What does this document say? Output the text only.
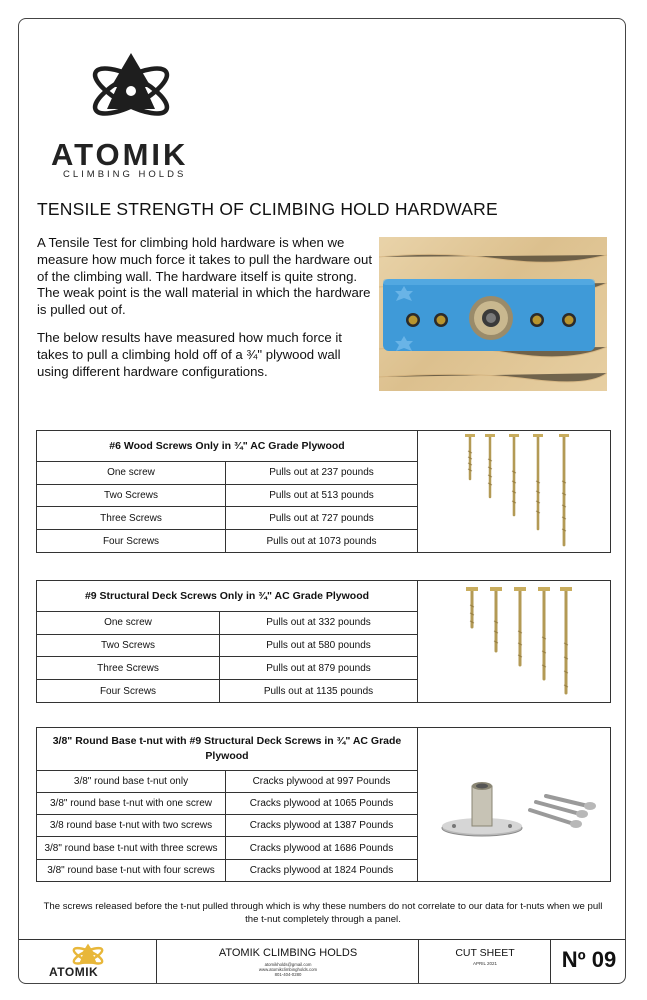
ATOMIK
CLIMBING HOLDS
TENSILE STRENGTH OF CLIMBING HOLD HARDWARE

A Tensile Test for climbing hold hardware is when we measure how much force it takes to pull the hardware out of the climbing wall. The hardware itself is quite strong. The weak point is the wall material in which the hardware is pulled out of.

The below results have measured how much force it takes to pull a climbing hold off of a ¾" plywood wall using different hardware configurations.

#6 Wood Screws Only in ¾" AC Grade Plywood	
One screw	Pulls out at 237 pounds	
Two Screws	Pulls out at 513 pounds	
Three Screws	Pulls out at 727 pounds	
Four Screws	Pulls out at 1073 pounds	
#9 Structural Deck Screws Only in ¾" AC Grade Plywood	
One screw	Pulls out at 332 pounds	
Two Screws	Pulls out at 580 pounds	
Three Screws	Pulls out at 879 pounds	
Four Screws	Pulls out at 1135 pounds	
3/8" Round Base t-nut with #9 Structural Deck Screws in ¾" AC Grade Plywood	
3/8" round base t-nut only	Cracks plywood at 997 Pounds	
3/8" round base t-nut with one screw	Cracks plywood at 1065 Pounds	
3/8 round base t-nut with two screws	Cracks plywood at 1387 Pounds	
3/8" round base t-nut with three screws	Cracks plywood at 1686 Pounds	
3/8" round base t-nut with four screws	Cracks plywood at 1824 Pounds	

The screws released before the t-nut pulled through which is why these numbers do not correlate to our data for t-nuts when we pull the t-nut completely through a panel.

ATOMIK
ATOMIK CLIMBING HOLDS
atomikholds@gmail.com
www.atomikclimbingholds.com
801-404-0280
CUT SHEET
APRIL 2021	Nº 09
